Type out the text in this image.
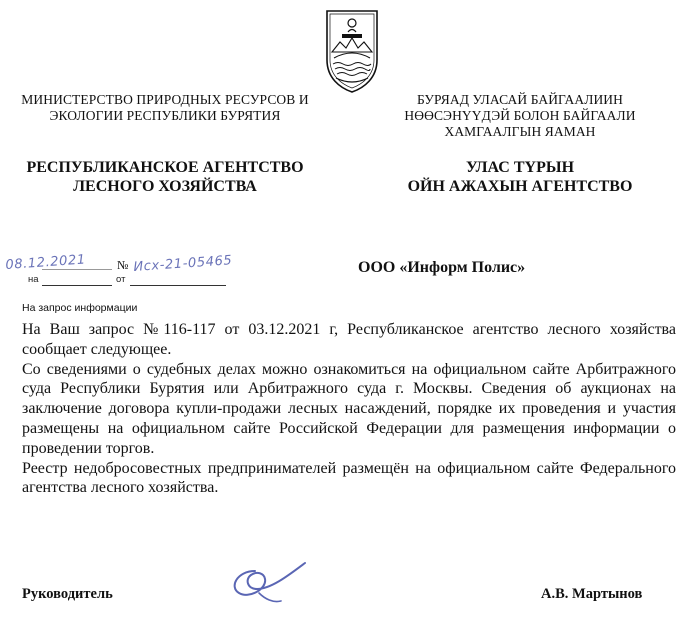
МИНИСТЕРСТВО ПРИРОДНЫХ РЕСУРСОВ И
ЭКОЛОГИИ РЕСПУБЛИКИ БУРЯТИЯ
БУРЯАД УЛАСАЙ БАЙГААЛИИН
НӨӨСЭНҮҮДЭЙ БОЛОН БАЙГААЛИ
ХАМГААЛГЫН ЯАМАН
РЕСПУБЛИКАНСКОЕ АГЕНТСТВО
ЛЕСНОГО ХОЗЯЙСТВА
УЛАС ТҮРЫН
ОЙН АЖАХЫН АГЕНТСТВО
08.12.2021	№ Исх-21-05465
на	от
ООО «Информ Полис»
На запрос информации

На Ваш запрос №116-117 от 03.12.2021 г, Республиканское агентство лесного хозяйства сообщает следующее.

Со сведениями о судебных делах можно ознакомиться на официальном сайте Арбитражного суда Республики Бурятия или Арбитражного суда г. Москвы. Сведения об аукционах на заключение договора купли-продажи лесных насаждений, порядке их проведения и участия размещены на официальном сайте Российской Федерации для размещения информации о проведении торгов.

Реестр недобросовестных предпринимателей размещён на официальном сайте Федерального агентства лесного хозяйства.

Руководитель	А.В. Мартынов
